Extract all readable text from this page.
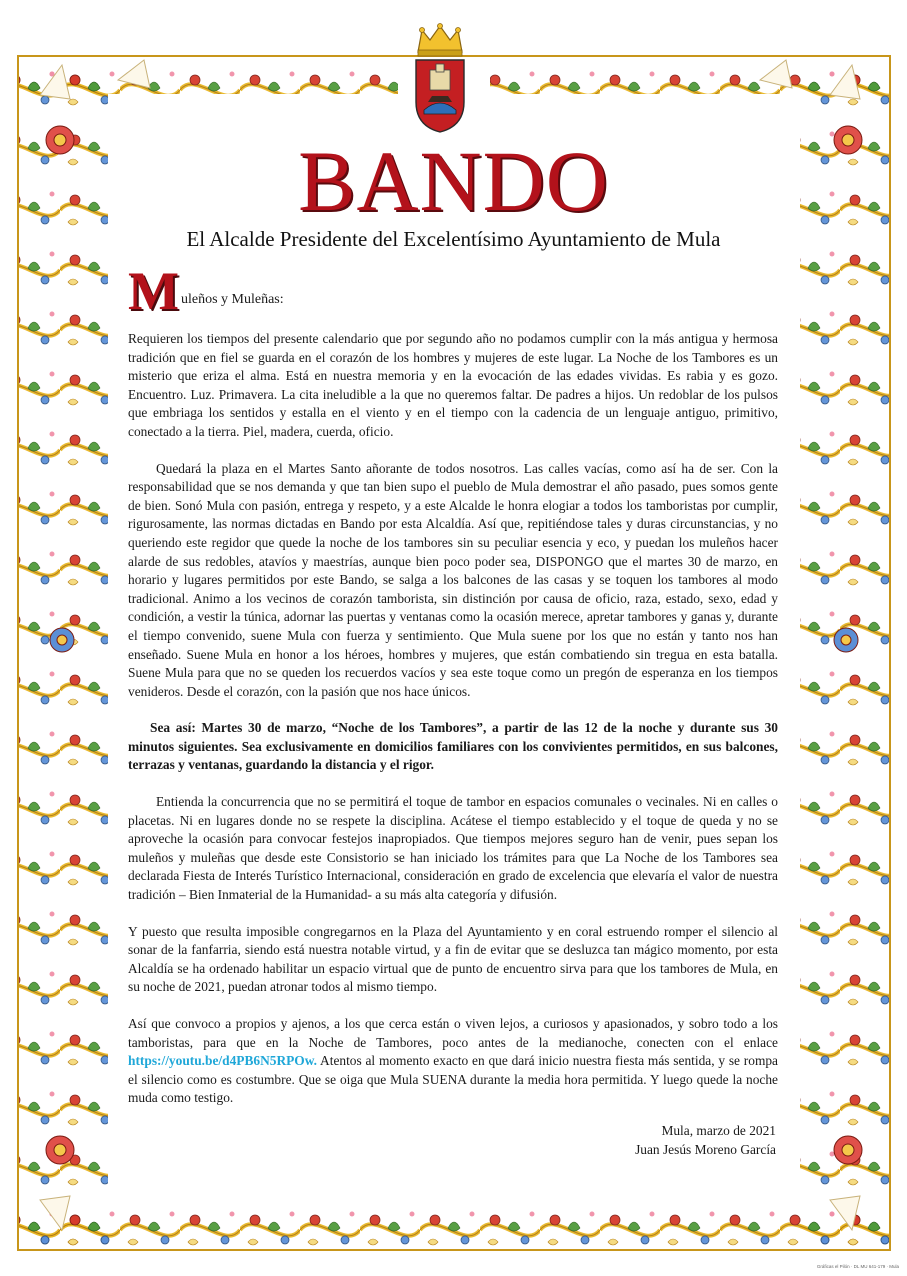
BANDO
El Alcalde Presidente del Excelentísimo Ayuntamiento de Mula
M uleños y Muleñas:

Requieren los tiempos del presente calendario que por segundo año no podamos cumplir con la más antigua y hermosa tradición que en fiel se guarda en el corazón de los hombres y mujeres de este lugar. La Noche de los Tambores es un misterio que eriza el alma. Está en nuestra memoria y en la evocación de las edades vividas. Es rabia y es gozo. Encuentro. Luz. Primavera. La cita ineludible a la que no queremos faltar. De padres a hijos. Un redoblar de los pulsos que embriaga los sentidos y estalla en el viento y en el tiempo con la cadencia de un lenguaje antiguo, primitivo, conectado a la tierra. Piel, madera, cuerda, oficio.

Quedará la plaza en el Martes Santo añorante de todos nosotros. Las calles vacías, como así ha de ser. Con la responsabilidad que se nos demanda y que tan bien supo el pueblo de Mula demostrar el año pasado, pues somos gente de bien. Sonó Mula con pasión, entrega y respeto, y a este Alcalde le honra elogiar a todos los tamboristas por cumplir, rigurosamente, las normas dictadas en Bando por esta Alcaldía. Así que, repitiéndose tales y duras circunstancias, y no queriendo este regidor que quede la noche de los tambores sin su peculiar esencia y eco, y puedan los muleños hacer alarde de sus redobles, atavíos y maestrías, aunque bien poco poder sea, DISPONGO que el martes 30 de marzo, en horario y lugares permitidos por este Bando, se salga a los balcones de las casas y se toquen los tambores al modo tradicional. Animo a los vecinos de corazón tamborista, sin distinción por causa de oficio, raza, estado, sexo, edad y condición, a vestir la túnica, adornar las puertas y ventanas como la ocasión merece, apretar tambores y ganas y, durante el tiempo convenido, suene Mula con fuerza y sentimiento. Que Mula suene por los que no están y tanto nos han enseñado. Suene Mula en honor a los héroes, hombres y mujeres, que están combatiendo sin tregua en esta batalla. Suene Mula para que no se queden los recuerdos vacíos y sea este toque como un pregón de esperanza en los tiempos venideros. Desde el corazón, con la pasión que nos hace únicos.

Sea así: Martes 30 de marzo, “Noche de los Tambores”, a partir de las 12 de la noche y durante sus 30 minutos siguientes. Sea exclusivamente en domicilios familiares con los convivientes permitidos, en sus balcones, terrazas y ventanas, guardando la distancia y el rigor.

Entienda la concurrencia que no se permitirá el toque de tambor en espacios comunales o vecinales. Ni en calles o placetas. Ni en lugares donde no se respete la disciplina. Acátese el tiempo establecido y el toque de queda y no se aproveche la ocasión para convocar festejos inapropiados. Que tiempos mejores seguro han de venir, pues sepan los muleños y muleñas que desde este Consistorio se han iniciado los trámites para que La Noche de los Tambores sea declarada Fiesta de Interés Turístico Internacional, consideración en grado de excelencia que elevaría el valor de nuestra tradición – Bien Inmaterial de la Humanidad- a su más alta categoría y difusión.

Y puesto que resulta imposible congregarnos en la Plaza del Ayuntamiento y en coral estruendo romper el silencio al sonar de la fanfarria, siendo está nuestra notable virtud, y a fin de evitar que se desluzca tan mágico momento, por esta Alcaldía se ha ordenado habilitar un espacio virtual que de punto de encuentro sirva para que los tambores de Mula, en su noche de 2021, puedan atronar todos al mismo tiempo.

Así que convoco a propios y ajenos, a los que cerca están o viven lejos, a curiosos y apasionados, y sobro todo a los tamboristas, para que en la Noche de Tambores, poco antes de la medianoche, conecten con el enlace https://youtu.be/d4PB6N5RPOw. Atentos al momento exacto en que dará inicio nuestra fiesta más sentida, y se rompa el silencio como es costumbre. Que se oiga que Mula SUENA durante la media hora permitida. Y luego quede la noche muda como testigo.

Mula, marzo de 2021
Juan Jesús Moreno García
Gráficas el Pilón · DL MU 641-179 · Mula
